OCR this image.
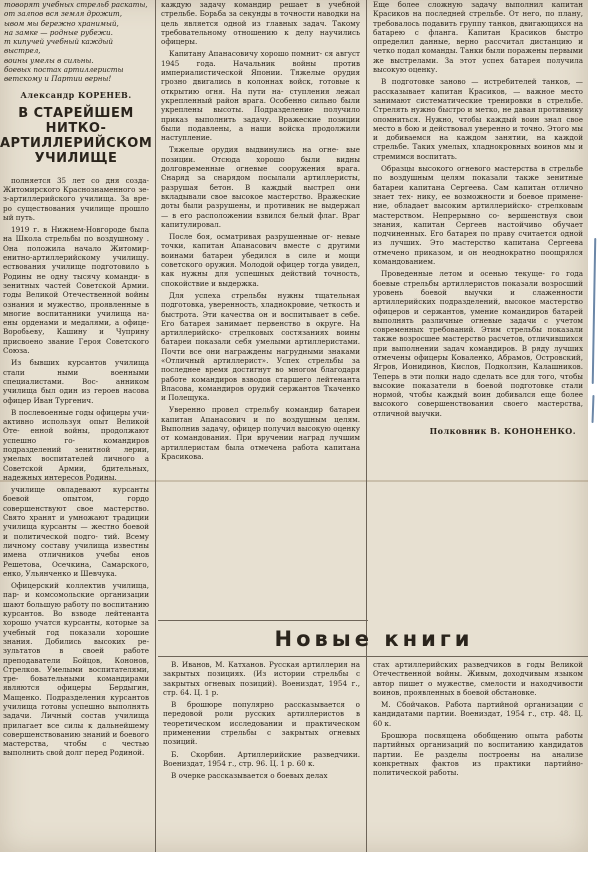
товорят учебных стрельб раскаты,

от залпов вся земля дрожит,

ывом мы бережно хранимый,

на замке — родные рубежи.

т кипучей учебный каждый выстрел,

воины умелы в сильны.

боевых постах артиллеристы

ветскому и Партии верны!

Александр КОРЕНЕВ.
В СТАРЕЙШЕМ НИТКО-АРТИЛЛЕРИЙСКОМ УЧИЛИЩЕ

полняется 35 лет со дня созда- Житомирского Краснознаменного зе- з-артиллерийского училища. За вре- ро существования училище прошло ый путь.

1919 г. в Нижнем-Новгороде была на Школа стрельбы по воздушному . Она положила начало Житомир- енитно-артиллерийскому училищу. ествования училище подготовило ь Родины не одну тысячу команди- в зенитных частей Советской Армии. годы Великой Отечественной войны ознания и мужество, проявленные в многие воспитанники училища на- ены орденами и медалями, а офице- Воробьеву, Кашину и Чуприну присвоено звание Героя Советского Союза.

Из бывших курсантов училища стали ными военными специалистами. Вос- анником училища был один из героев насова офицер Иван Тургенич.

В послевоенные годы офицеры учи- активно используя опыт Великой Оте- енной войны, продолжают успешно го- командиров подразделений зенитной лерии, умелых воспитателей личного а Советской Армии, бдительных, надежных интересов Родины.

училище овладевают курсанты боевой опытом, гордо совершенствуют свое мастерство. Свято хранят и умножают традиции училища курсанты — жестно боевой и политической подго- тий. Всему личному составу училища известны имена отличников учебы енов Решетова, Осечкина, Самарского, енко, Ульянченко и Шевчука.

Офицерский коллектив училища, пар- и комсомольские организации шают большую работу по воспитанию курсантов. Во взводе лейтенанта хорошо учатся курсанты, которые за учебный год показали хорошие знания. Добились высоких ре- зультатов в своей работе преподаватели Бойцов, Кононов, Стрелков. Умелыми воспитателями, тре- бовательными командирами являются офицеры Бердыгин, Мащенко. Подразделения курсантов училища готовы успешно выполнять задачи. Личный состав училища прилагает все силы к дальнейшему совершенствованию знаний и боевого мастерства, чтобы с честью выполнить свой долг перед Родиной.

каждую задачу командир решает в учебной стрельбе. Борьба за секунды в точности наводки на цель является одной из главных задач. Такому требовательному отношению к делу научились офицеры.

Капитану Апанасовичу хорошо помнит- ся август 1945 года. Начальник войны против империалистической Японии. Тяжелые орудия грозно двигались в колоннах войск, готовые к открытию огня. На пути на- ступления лежал укрепленный район врага. Особенно сильно были укреплены высоты. Подразделение получило приказ выполнить задачу. Вражеские позиции были подавлены, а наши войска продолжили наступление.

Тяжелые орудия выдвинулись на огне- вые позиции. Отсюда хорошо были видны долговременные огневые сооружения врага. Снаряд за снарядом посылали артиллеристы, разрушая бетон. В каждый выстрел они вкладывали свое высокое мастерство. Вражеские доты были разрушены, и противник не выдержал — в его расположении взвился белый флаг. Враг капитулировал.

После боя, осматривая разрушенные ог- невые точки, капитан Апанасович вместе с другими воинами батареи убедился в силе и мощи советского оружия. Молодой офицер тогда увидел, как нужны для успешных действий точность, спокойствие и выдержка.

Для успеха стрельбы нужны тщательная подготовка, уверенность, хладнокровие, четкость и быстрота. Эти качества он и воспитывает в себе. Его батарея занимает первенство в округе. На артиллерийско- стрелковых состязаниях воины батареи показали себя умелыми артиллеристами. Почти все они награждены нагрудными знаками «Отличный артиллерист». Успех стрельбы за последнее время достигнут во многом благодаря работе командиров взводов старшего лейтенанта Власова, командиров орудий сержантов Ткаченко и Полещука.

Уверенно провел стрельбу командир батареи капитан Апанасович и по воздушным целям. Выполнив задачу, офицер получил высокую оценку от командования. При вручении наград лучшим артиллеристам была отмечена работа капитана Красикова.

Еще более сложную задачу выполнил капитан Красиков на последней стрельбе. От него, по плану, требовалось подавить группу танков, двигающихся на батарею с фланга. Капитан Красиков быстро определил данные, верно рассчитал дистанцию и четко подал команды. Танки были поражены первыми же выстрелами. За этот успех батарея получила высокую оценку.

В подготовке заново — истребителей танков, — рассказывает капитан Красиков, — важное место занимают систематические тренировки в стрельбе. Стрелять нужно быстро и метко, не давая противнику опомниться. Нужно, чтобы каждый воин знал свое место в бою и действовал уверенно и точно. Этого мы и добиваемся на каждом занятии, на каждой стрельбе. Таких умелых, хладнокровных воинов мы и стремимся воспитать.

Образцы высокого огневого мастерства в стрельбе по воздушным целям показали также зенитные батареи капитана Сергеева. Сам капитан отлично знает тех- нику, ее возможности и боевое примене- ние, обладает высоким артиллерийско- стрелковым мастерством. Непрерывно со- вершенствуя свои знания, капитан Сергеев настойчиво обучает подчиненных. Его батарея по праву считается одной из лучших. Это мастерство капитана Сергеева отмечено приказом, и он неоднократно поощрялся командованием.

Проведенные летом и осенью текуще- го года боевые стрельбы артиллеристов показали возросший уровень боевой выучки и слаженности артиллерийских подразделений, высокое мастерство офицеров и сержантов, умение командиров батарей выполнять различные огневые задачи с учетом современных требований. Этим стрельбы показали также возросшее мастерство расчетов, отличившихся при выполнении задач командиров. В ряду лучших отмечены офицеры Коваленко, Абрамов, Островский, Ягров, Ионидинов, Кислов, Подколзин, Калашников. Теперь в эти полки надо сделать все для того, чтобы высокие показатели в боевой подготовке стали нормой, чтобы каждый воин добивался еще более высокого совершенствования своего мастерства, отличной выучки.

Полковник В. КОНОНЕНКО.

Новые книги

В. Иванов, М. Катханов. Русская артиллерия на закрытых позициях. (Из истории стрельбы с закрытых огневых позиций). Воениздат, 1954 г., стр. 64. Ц. 1 р.

В брошюре популярно рассказывается о передовой роли русских артиллеристов в теоретическом исследовании и практическом применении стрельбы с закрытых огневых позиций.

Б. Скорбин. Артиллерийские разведчики. Воениздат, 1954 г., стр. 96. Ц. 1 р. 60 к.

В очерке рассказывается о боевых делах

стах артиллерийских разведчиков в годы Великой Отечественной войны. Живым, доходчивым языком автор пишет о мужестве, смелости и находчивости воинов, проявленных в боевой обстановке.

М. Сбойчаков. Работа партийной организации с кандидатами партии. Воениздат, 1954 г., стр. 48. Ц. 60 к.

Брошюра посвящена обобщению опыта работы партийных организаций по воспитанию кандидатов партии. Ее разделы построены на анализе конкретных фактов из практики партийно-политической работы.
